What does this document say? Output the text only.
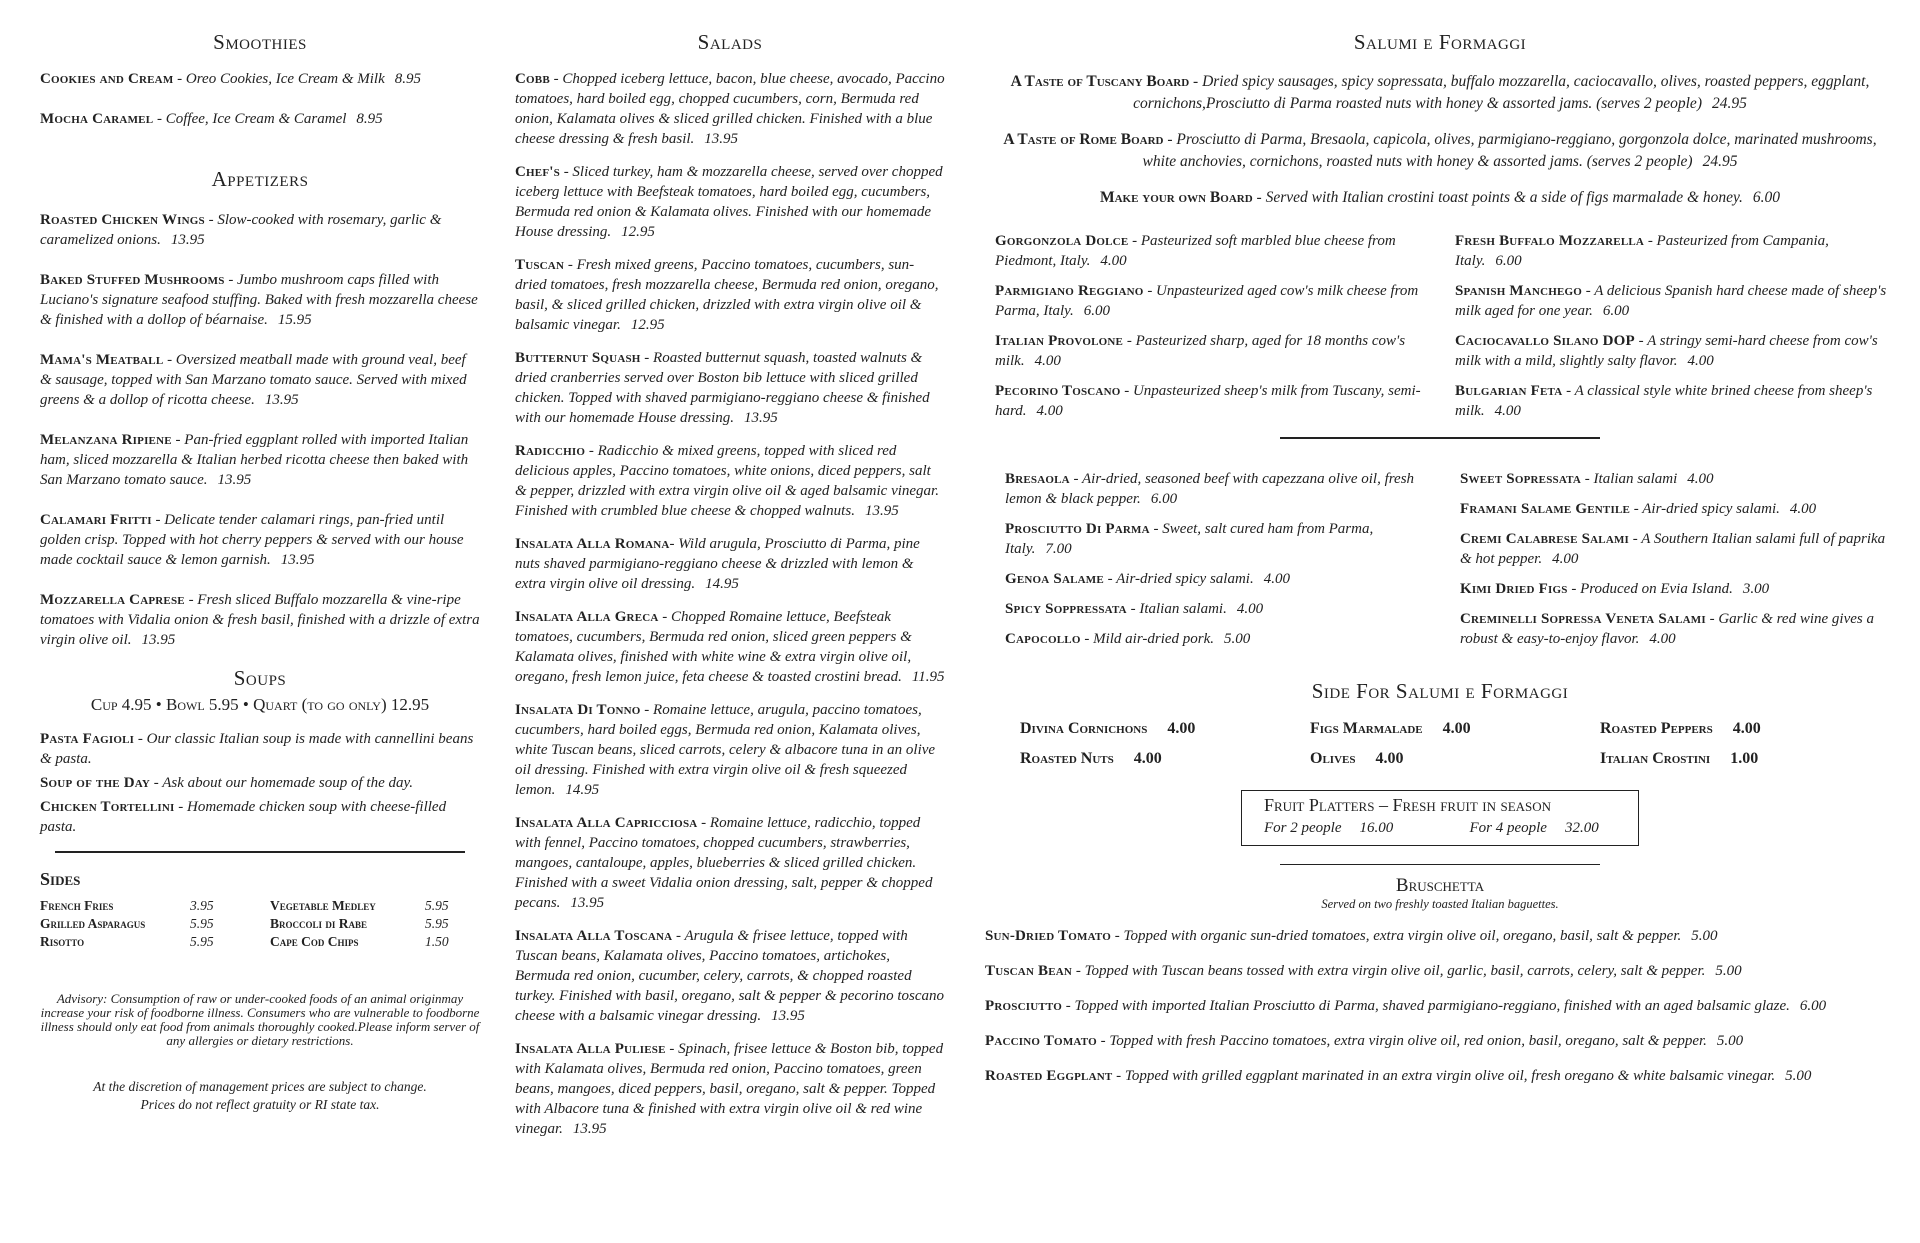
Smoothies
Cookies and Cream - Oreo Cookies, Ice Cream & Milk 8.95
Mocha Caramel - Coffee, Ice Cream & Caramel 8.95
Appetizers
Roasted Chicken Wings - Slow-cooked with rosemary, garlic & caramelized onions. 13.95
Baked Stuffed Mushrooms - Jumbo mushroom caps filled with Luciano's signature seafood stuffing. Baked with fresh mozzarella cheese & finished with a dollop of béarnaise. 15.95
Mama's Meatball - Oversized meatball made with ground veal, beef & sausage, topped with San Marzano tomato sauce. Served with mixed greens & a dollop of ricotta cheese. 13.95
Melanzana Ripiene - Pan-fried eggplant rolled with imported Italian ham, sliced mozzarella & Italian herbed ricotta cheese then baked with San Marzano tomato sauce. 13.95
Calamari Fritti - Delicate tender calamari rings, pan-fried until golden crisp. Topped with hot cherry peppers & served with our house made cocktail sauce & lemon garnish. 13.95
Mozzarella Caprese - Fresh sliced Buffalo mozzarella & vine-ripe tomatoes with Vidalia onion & fresh basil, finished with a drizzle of extra virgin olive oil. 13.95
Soups
Cup 4.95 • Bowl 5.95 • Quart (to go only) 12.95
Pasta Fagioli - Our classic Italian soup is made with cannellini beans & pasta.
Soup of the Day - Ask about our homemade soup of the day.
Chicken Tortellini - Homemade chicken soup with cheese-filled pasta.
Sides
French Fries	3.95	Vegetable Medley	5.95
Grilled Asparagus	5.95	Broccoli di Rabe	5.95
Risotto	5.95	Cape Cod Chips	1.50
Advisory: Consumption of raw or under-cooked foods of an animal originmay increase your risk of foodborne illness. Consumers who are vulnerable to foodborne illness should only eat food from animals thoroughly cooked.Please inform server of any allergies or dietary restrictions.
At the discretion of management prices are subject to change.
Prices do not reflect gratuity or RI state tax.
Salads
Cobb - Chopped iceberg lettuce, bacon, blue cheese, avocado, Paccino tomatoes, hard boiled egg, chopped cucumbers, corn, Bermuda red onion, Kalamata olives & sliced grilled chicken. Finished with a blue cheese dressing & fresh basil. 13.95
Chef's - Sliced turkey, ham & mozzarella cheese, served over chopped iceberg lettuce with Beefsteak tomatoes, hard boiled egg, cucumbers, Bermuda red onion & Kalamata olives. Finished with our homemade House dressing. 12.95
Tuscan - Fresh mixed greens, Paccino tomatoes, cucumbers, sun-dried tomatoes, fresh mozzarella cheese, Bermuda red onion, oregano, basil, & sliced grilled chicken, drizzled with extra virgin olive oil & balsamic vinegar. 12.95
Butternut Squash - Roasted butternut squash, toasted walnuts & dried cranberries served over Boston bib lettuce with sliced grilled chicken. Topped with shaved parmigiano-reggiano cheese & finished with our homemade House dressing. 13.95
Radicchio - Radicchio & mixed greens, topped with sliced red delicious apples, Paccino tomatoes, white onions, diced peppers, salt & pepper, drizzled with extra virgin olive oil & aged balsamic vinegar. Finished with crumbled blue cheese & chopped walnuts. 13.95
Insalata Alla Romana- Wild arugula, Prosciutto di Parma, pine nuts shaved parmigiano-reggiano cheese & drizzled with lemon & extra virgin olive oil dressing. 14.95
Insalata Alla Greca - Chopped Romaine lettuce, Beefsteak tomatoes, cucumbers, Bermuda red onion, sliced green peppers & Kalamata olives, finished with white wine & extra virgin olive oil, oregano, fresh lemon juice, feta cheese & toasted crostini bread. 11.95
Insalata Di Tonno - Romaine lettuce, arugula, paccino tomatoes, cucumbers, hard boiled eggs, Bermuda red onion, Kalamata olives, white Tuscan beans, sliced carrots, celery & albacore tuna in an olive oil dressing. Finished with extra virgin olive oil & fresh squeezed lemon. 14.95
Insalata Alla Capricciosa - Romaine lettuce, radicchio, topped with fennel, Paccino tomatoes, chopped cucumbers, strawberries, mangoes, cantaloupe, apples, blueberries & sliced grilled chicken. Finished with a sweet Vidalia onion dressing, salt, pepper & chopped pecans. 13.95
Insalata Alla Toscana - Arugula & frisee lettuce, topped with Tuscan beans, Kalamata olives, Paccino tomatoes, artichokes, Bermuda red onion, cucumber, celery, carrots, & chopped roasted turkey. Finished with basil, oregano, salt & pepper & pecorino toscano cheese with a balsamic vinegar dressing. 13.95
Insalata Alla Puliese - Spinach, frisee lettuce & Boston bib, topped with Kalamata olives, Bermuda red onion, Paccino tomatoes, green beans, mangoes, diced peppers, basil, oregano, salt & pepper. Topped with Albacore tuna & finished with extra virgin olive oil & red wine vinegar. 13.95
Salumi e Formaggi
A Taste of Tuscany Board - Dried spicy sausages, spicy sopressata, buffalo mozzarella, caciocavallo, olives, roasted peppers, eggplant, cornichons,Prosciutto di Parma roasted nuts with honey & assorted jams. (serves 2 people) 24.95
A Taste of Rome Board - Prosciutto di Parma, Bresaola, capicola, olives, parmigiano-reggiano, gorgonzola dolce, marinated mushrooms, white anchovies, cornichons, roasted nuts with honey & assorted jams. (serves 2 people) 24.95
Make your own Board - Served with Italian crostini toast points & a side of figs marmalade & honey. 6.00
Gorgonzola Dolce - Pasteurized soft marbled blue cheese from Piedmont, Italy. 4.00
Parmigiano Reggiano - Unpasteurized aged cow's milk cheese from Parma, Italy. 6.00
Italian Provolone - Pasteurized sharp, aged for 18 months cow's milk. 4.00
Pecorino Toscano - Unpasteurized sheep's milk from Tuscany, semi- hard. 4.00
Fresh Buffalo Mozzarella - Pasteurized from Campania, Italy. 6.00
Spanish Manchego - A delicious Spanish hard cheese made of sheep's milk aged for one year. 6.00
Caciocavallo Silano DOP - A stringy semi-hard cheese from cow's milk with a mild, slightly salty flavor. 4.00
Bulgarian Feta - A classical style white brined cheese from sheep's milk. 4.00
Bresaola - Air-dried, seasoned beef with capezzana olive oil, fresh lemon & black pepper. 6.00
Prosciutto Di Parma - Sweet, salt cured ham from Parma, Italy. 7.00
Genoa Salame - Air-dried spicy salami. 4.00
Spicy Soppressata - Italian salami. 4.00
Capocollo - Mild air-dried pork. 5.00
Sweet Sopressata - Italian salami 4.00
Framani Salame Gentile - Air-dried spicy salami. 4.00
Cremi Calabrese Salami - A Southern Italian salami full of paprika & hot pepper. 4.00
Kimi Dried Figs - Produced on Evia Island. 3.00
Creminelli Sopressa Veneta Salami - Garlic & red wine gives a robust & easy-to-enjoy flavor. 4.00
Side For Salumi e Formaggi
Divina Cornichons 4.00	Figs Marmalade 4.00	Roasted Peppers 4.00
Roasted Nuts 4.00	Olives 4.00	Italian Crostini 1.00
Fruit Platters – Fresh fruit in season
For 2 people 16.00	For 4 people 32.00
Bruschetta
Served on two freshly toasted Italian baguettes.
Sun-Dried Tomato - Topped with organic sun-dried tomatoes, extra virgin olive oil, oregano, basil, salt & pepper. 5.00
Tuscan Bean - Topped with Tuscan beans tossed with extra virgin olive oil, garlic, basil, carrots, celery, salt & pepper. 5.00
Prosciutto - Topped with imported Italian Prosciutto di Parma, shaved parmigiano-reggiano, finished with an aged balsamic glaze. 6.00
Paccino Tomato - Topped with fresh Paccino tomatoes, extra virgin olive oil, red onion, basil, oregano, salt & pepper. 5.00
Roasted Eggplant - Topped with grilled eggplant marinated in an extra virgin olive oil, fresh oregano & white balsamic vinegar. 5.00
